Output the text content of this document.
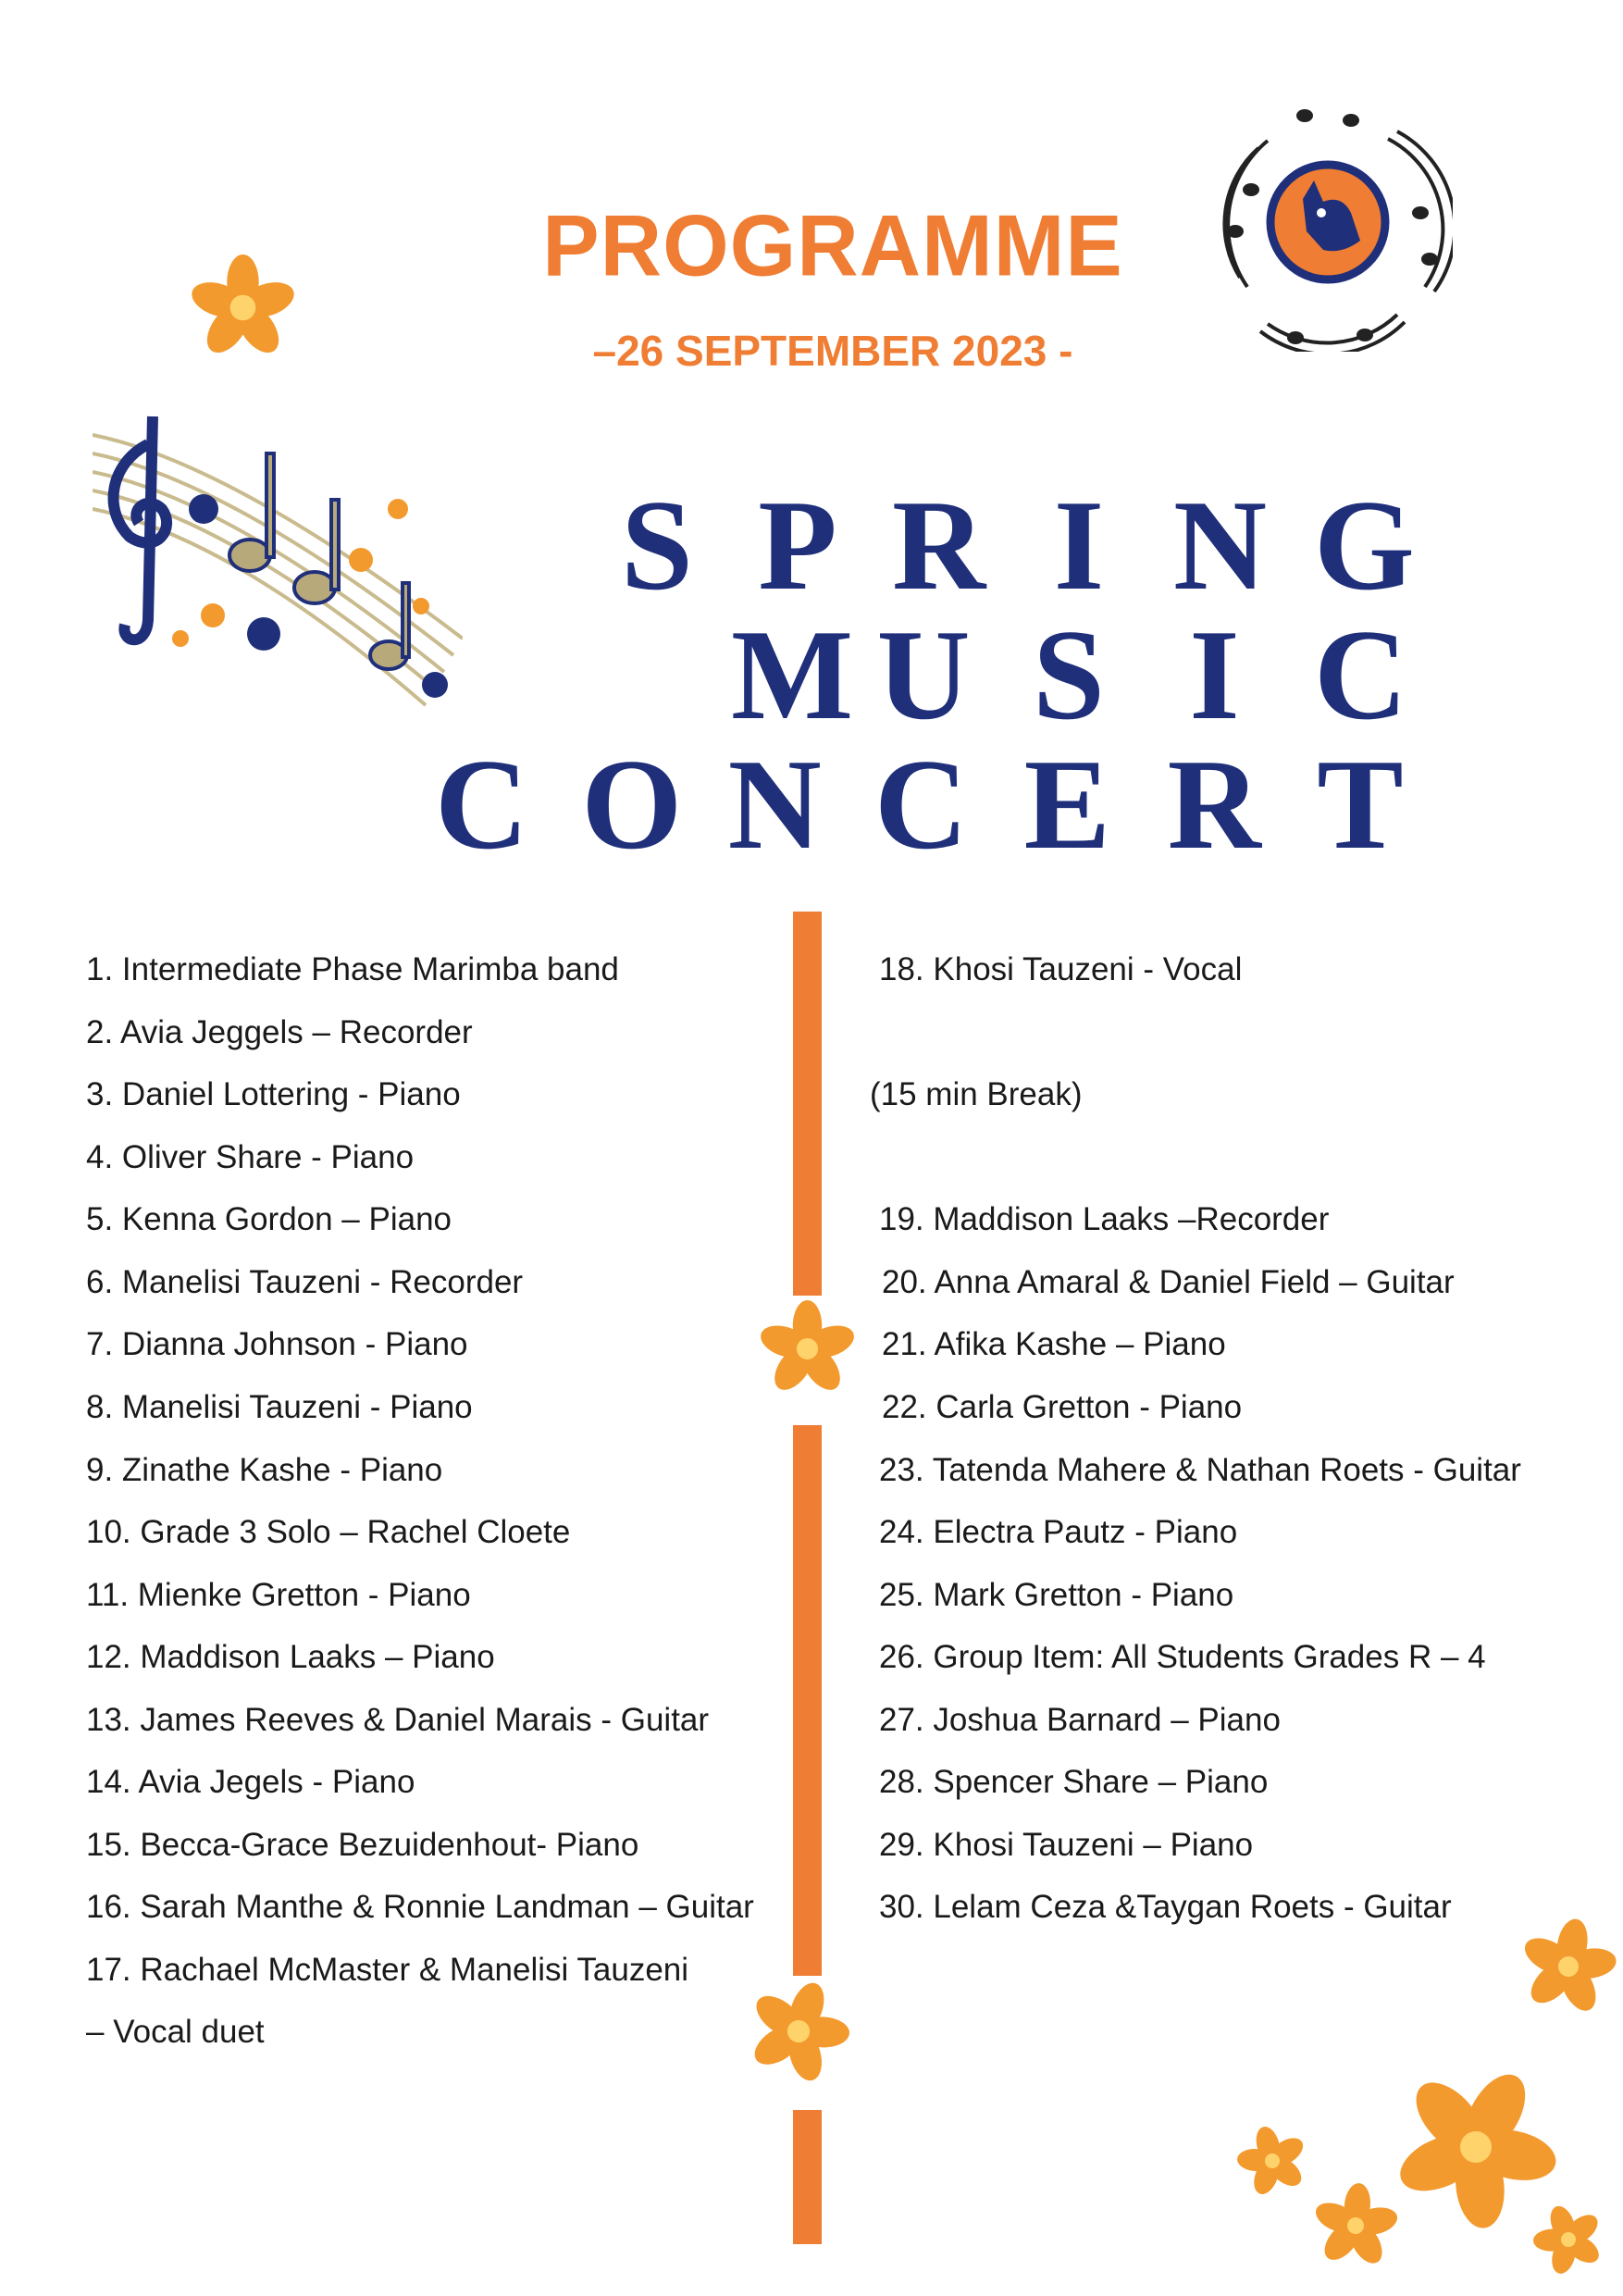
PROGRAMME
–26 SEPTEMBER 2023 -
S P R I N G
M U S I C
C O N C E R T
1. Intermediate Phase Marimba band
2. Avia Jeggels – Recorder
3. Daniel Lottering - Piano
4. Oliver Share - Piano
5. Kenna Gordon – Piano
6. Manelisi Tauzeni - Recorder
7. Dianna Johnson - Piano
8. Manelisi Tauzeni - Piano
9. Zinathe Kashe - Piano
10. Grade 3 Solo – Rachel Cloete
11. Mienke Gretton - Piano
12. Maddison Laaks – Piano
13. James Reeves & Daniel Marais - Guitar
14. Avia Jegels - Piano
15. Becca-Grace Bezuidenhout- Piano
16. Sarah Manthe & Ronnie Landman – Guitar
17. Rachael McMaster & Manelisi Tauzeni
– Vocal duet
18. Khosi Tauzeni - Vocal
(15 min Break)
19. Maddison Laaks –Recorder
20. Anna Amaral & Daniel Field – Guitar
21. Afika Kashe – Piano
22. Carla Gretton - Piano
23. Tatenda Mahere & Nathan Roets - Guitar
24. Electra Pautz - Piano
25. Mark Gretton - Piano
26. Group Item: All Students Grades R – 4
27. Joshua Barnard – Piano
28. Spencer Share – Piano
29. Khosi Tauzeni – Piano
30. Lelam Ceza &Taygan Roets - Guitar
